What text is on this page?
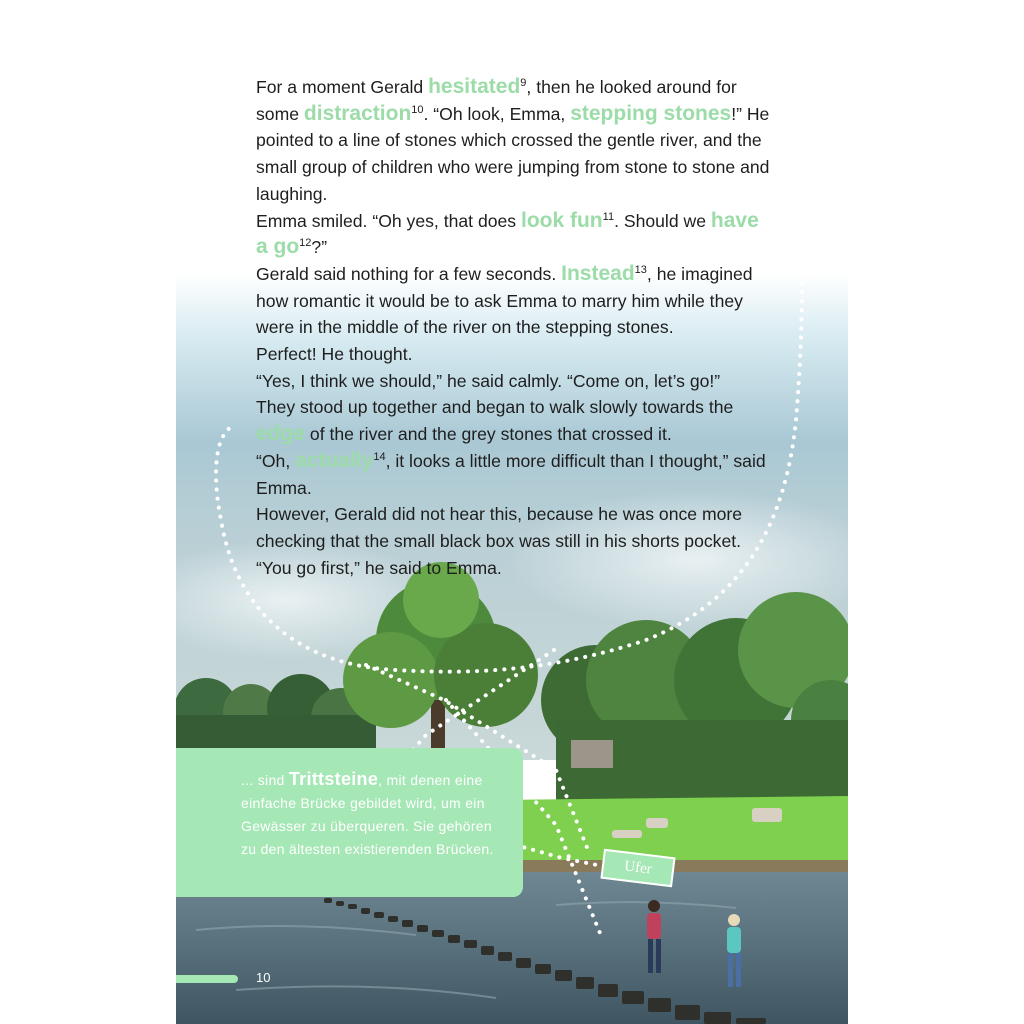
For a moment Gerald hesitated$^9$, then he looked around for some distraction$^{10}$. “Oh look, Emma, stepping stones!” He pointed to a line of stones which crossed the gentle river, and the small group of children who were jumping from stone to stone and laughing.

Emma smiled. “Oh yes, that does look fun$^{11}$. Should we have a $go^{12}$?”

Gerald said nothing for a few seconds. Instead$^{13}$, he imagined how romantic it would be to ask Emma to marry him while they were in the middle of the river on the stepping stones.

Perfect! He thought.

“Yes, I think we should,” he said calmly. “Come on, let’s go!”

They stood up together and began to walk slowly towards the edge of the river and the grey stones that crossed it.

“Oh, actually$^{14}$, it looks a little more difficult than I thought,” said Emma.

However, Gerald did not hear this, because he was once more checking that the small black box was still in his shorts pocket.

“You go first,” he said to Emma.

... sind Trittsteine, mit denen eine einfache Brücke gebildet wird, um ein Gewässer zu überqueren. Sie gehören zu den ältesten existierenden Brücken.
Ufer
10
